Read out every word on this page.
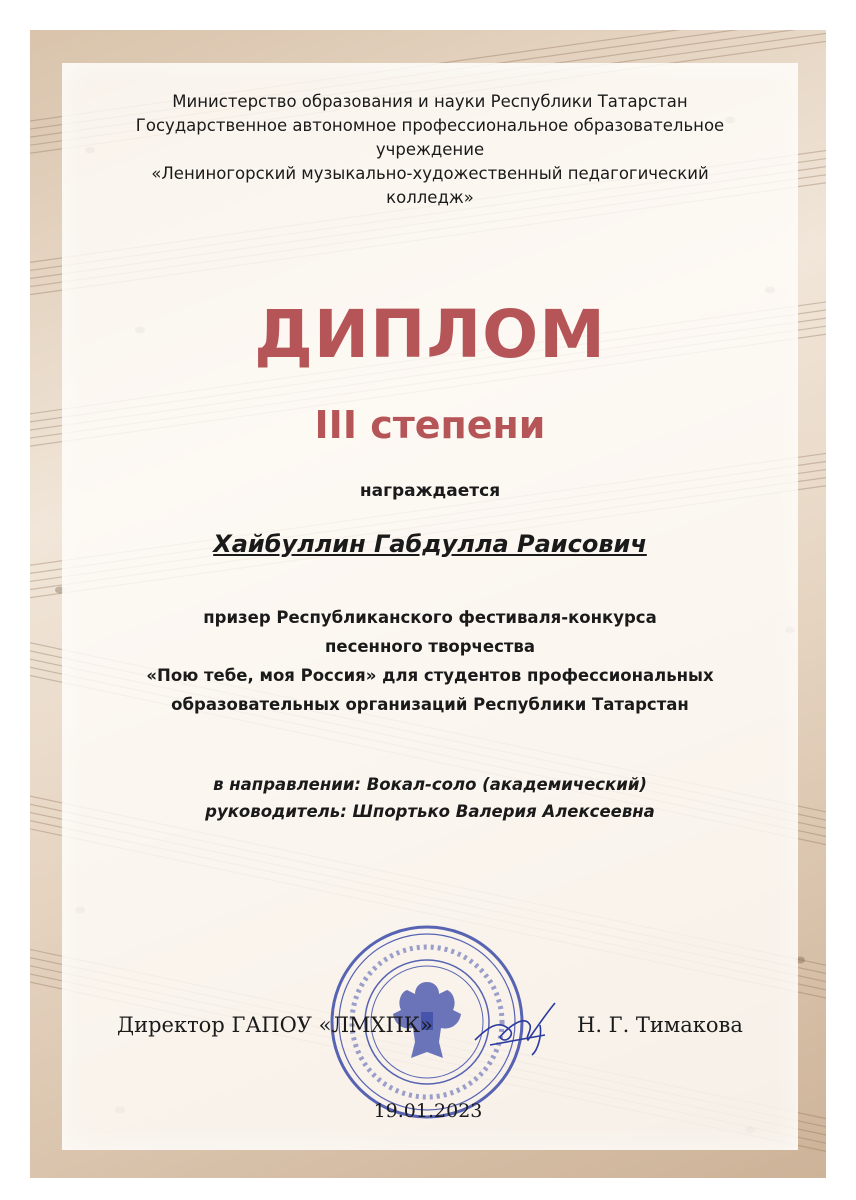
Министерство образования и науки Республики Татарстан
Государственное автономное профессиональное образовательное
учреждение
«Лениногорский музыкально-художественный педагогический
колледж»
ДИПЛОМ
III степени
награждается
Хайбуллин Габдулла Раисович
призер Республиканского фестиваля-конкурса
песенного творчества
«Пою тебе, моя Россия» для студентов профессиональных
образовательных организаций Республики Татарстан
в направлении: Вокал-соло (академический)
руководитель: Шпортько Валерия Алексеевна
Директор ГАПОУ «ЛМХПК»	Н. Г. Тимакова
19.01.2023
